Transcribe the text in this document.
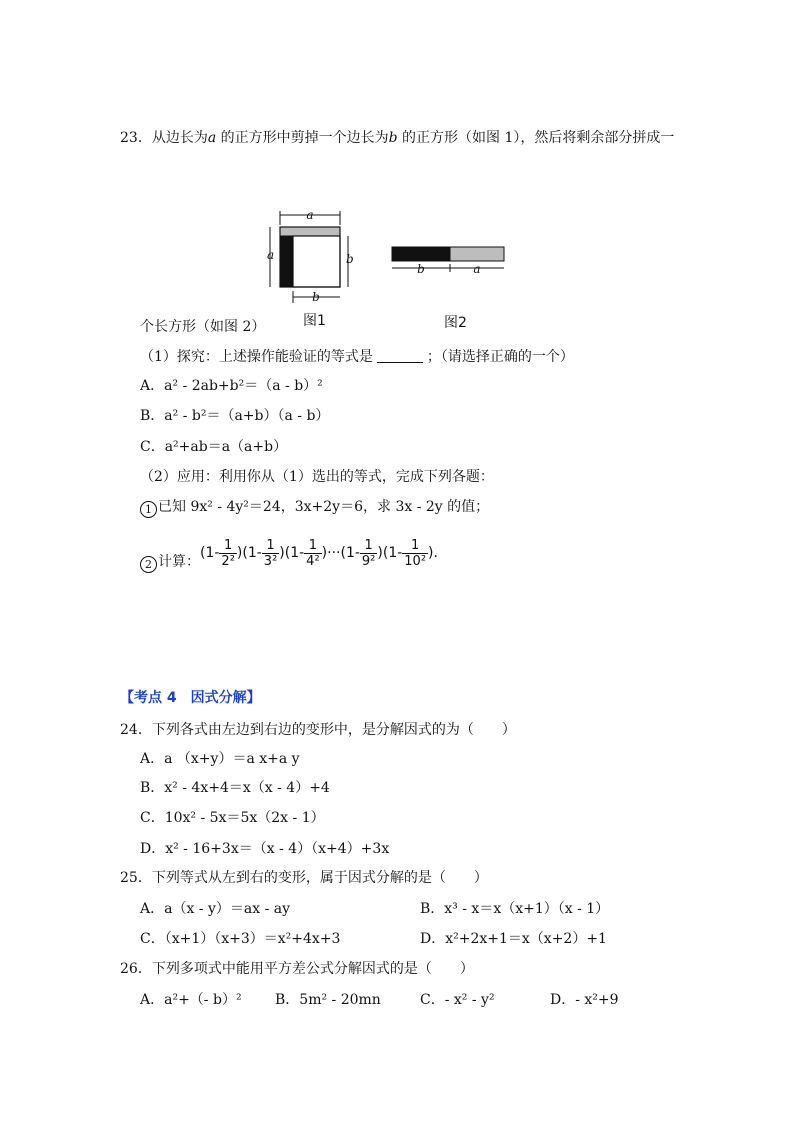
23．从边长为a 的正方形中剪掉一个边长为b 的正方形（如图 1），然后将剩余部分拼成一
a
a	b
b
图1
b	a
图2
个长方形（如图 2）
（1）探究：上述操作能验证的等式是	；（请选择正确的一个）
A．a² - 2ab+b²＝（a - b）²
B．a² - b²＝（a+b）（a - b）
C．a²+ab＝a（a+b）
（2）应用：利用你从（1）选出的等式，完成下列各题：
1 已知 9x² - 4y²＝24，3x+2y＝6，求 3x - 2y 的值；
2 计算：
$(1- \frac{1}{\text{2²}} )(1- \frac{1}{\text{3²}} )(1- \frac{1}{\text{4²}} )\cdot\cdot\cdot(1- \frac{1}{\text{9²}} )(1- \frac{1}{\text{10²}}$ )．
【考点 4　因式分解】
24．下列各式由左边到右边的变形中，是分解因式的为（　　）
A．a （x+y）＝a x+a y
B．x² - 4x+4＝x（x - 4）+4
C．10x² - 5x＝5x（2x - 1）
D．x² - 16+3x＝（x - 4）（x+4）+3x
25．下列等式从左到右的变形，属于因式分解的是（　　）
A．a（x - y）＝ax - ay	B．x³ - x＝x（x+1）（x - 1）
C．（x+1）（x+3）＝x²+4x+3	D．x²+2x+1＝x（x+2）+1
26．下列多项式中能用平方差公式分解因式的是（　　）
A．a²+（- b）² B．5m² - 20mn	C．- x² - y²	D．- x²+9
